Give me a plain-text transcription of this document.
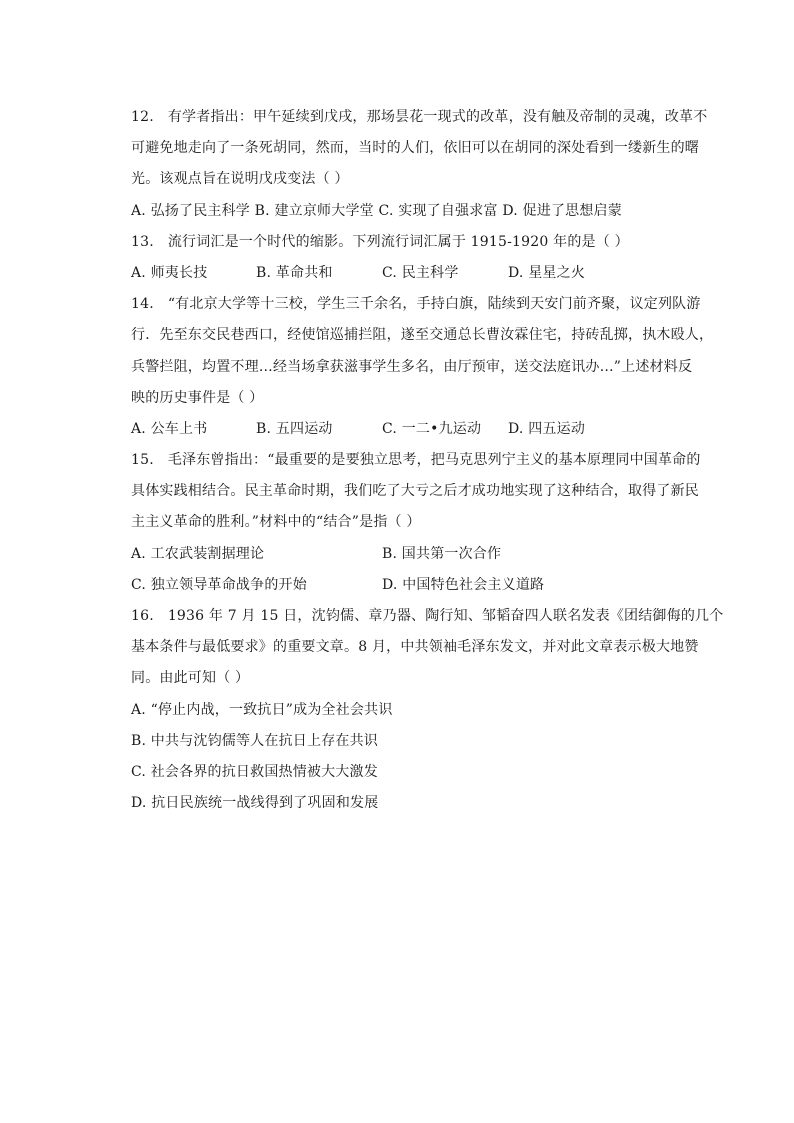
12. 有学者指出：甲午延续到戊戌，那场昙花一现式的改革，没有触及帝制的灵魂，改革不
可避免地走向了一条死胡同，然而，当时的人们，依旧可以在胡同的深处看到一缕新生的曙
光。该观点旨在说明戊戌变法（ ）
A. 弘扬了民主科学 B. 建立京师大学堂 C. 实现了自强求富 D. 促进了思想启蒙
13. 流行词汇是一个时代的缩影。下列流行词汇属于 1915-1920 年的是（ ）
A. 师夷长技	B. 革命共和	C. 民主科学	D. 星星之火
14. “有北京大学等十三校，学生三千余名，手持白旗，陆续到天安门前齐聚，议定列队游
行．先至东交民巷西口，经使馆巡捕拦阻，遂至交通总长曹汝霖住宅，持砖乱掷，执木殴人，
兵警拦阻，均置不理…经当场拿获滋事学生多名，由厅预审，送交法庭讯办…”上述材料反
映的历史事件是（ ）
A. 公车上书	B. 五四运动	C. 一二•九运动 D. 四五运动
15. 毛泽东曾指出：“最重要的是要独立思考，把马克思列宁主义的基本原理同中国革命的
具体实践相结合。民主革命时期，我们吃了大亏之后才成功地实现了这种结合，取得了新民
主主义革命的胜利。”材料中的“结合”是指（ ）
A. 工农武装割据理论	B. 国共第一次合作
C. 独立领导革命战争的开始	D. 中国特色社会主义道路
16. 1936 年 7 月 15 日，沈钧儒、章乃器、陶行知、邹韬奋四人联名发表《团结御侮的几个
基本条件与最低要求》的重要文章。8 月，中共领袖毛泽东发文，并对此文章表示极大地赞
同。由此可知（ ）
A. “停止内战，一致抗日”成为全社会共识
B. 中共与沈钧儒等人在抗日上存在共识
C. 社会各界的抗日救国热情被大大激发
D. 抗日民族统一战线得到了巩固和发展
